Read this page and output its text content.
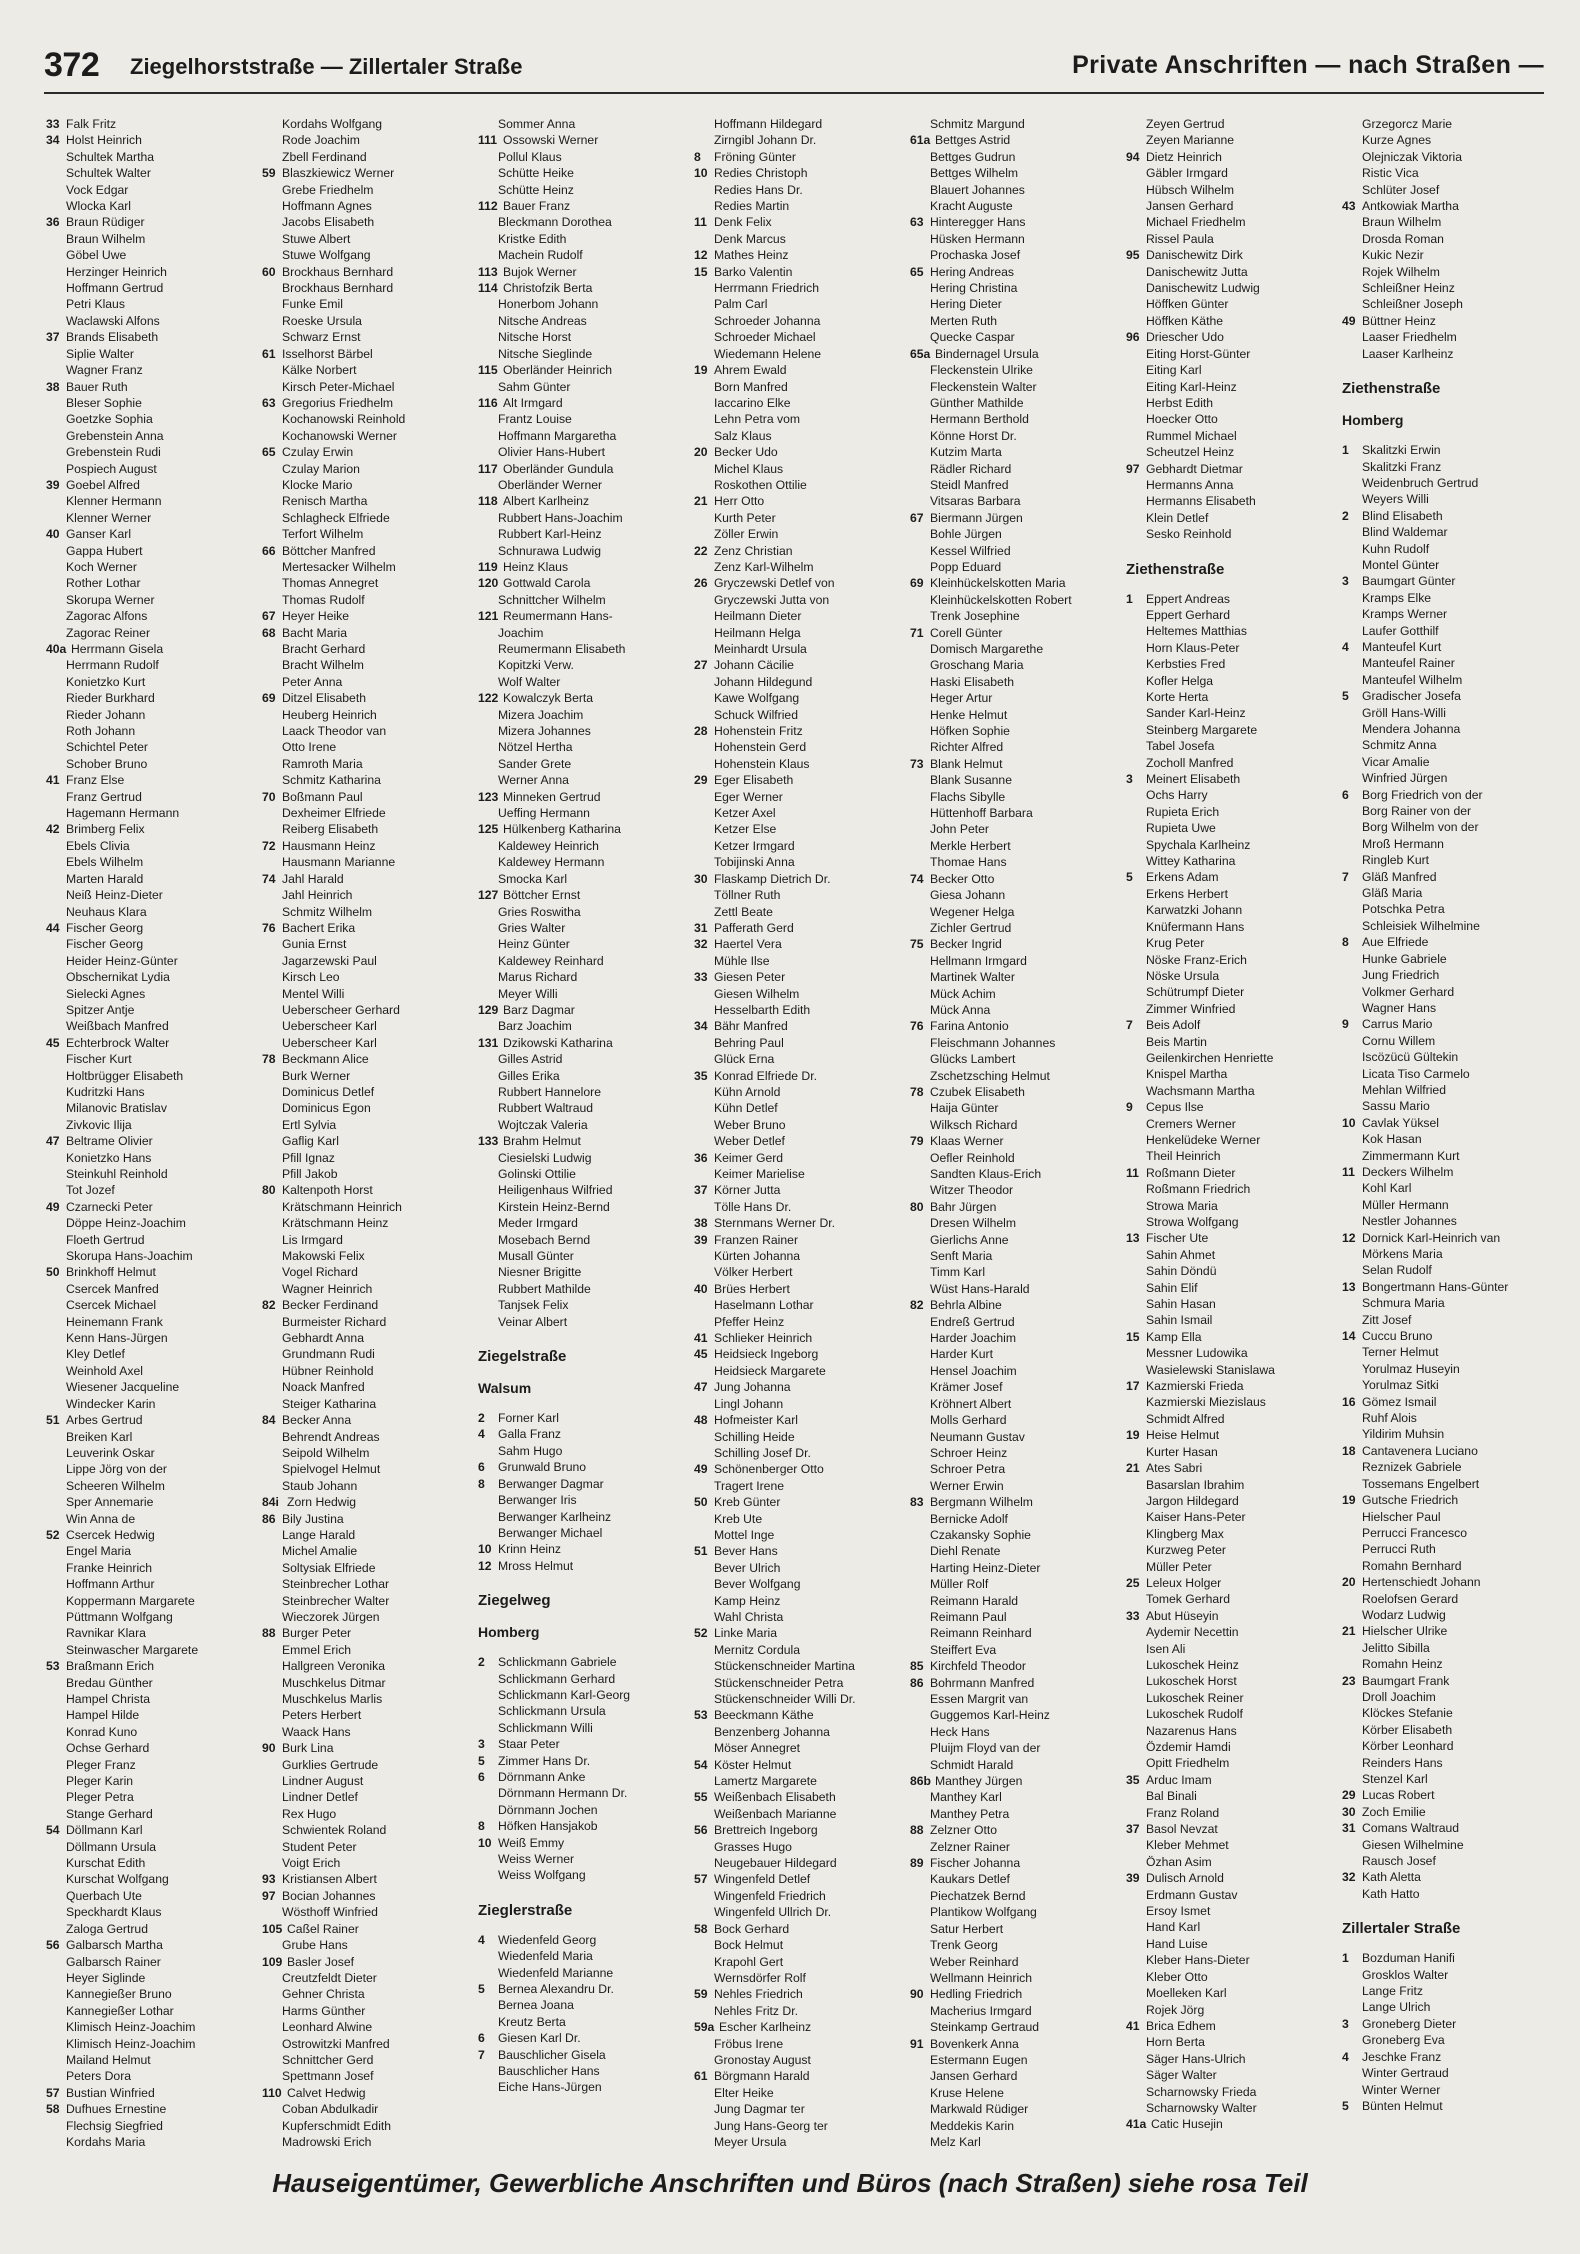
372 Ziegelhorststraße — Zillertaler Straße	Private Anschriften — nach Straßen —
33 Falk Fritz
34 Holst Heinrich
Schultek Martha
Schultek Walter
Vock Edgar
Wlocka Karl
36 Braun Rüdiger
Braun Wilhelm
Göbel Uwe
Herzinger Heinrich
Hoffmann Gertrud
Petri Klaus
Waclawski Alfons
37 Brands Elisabeth
Siplie Walter
Wagner Franz
38 Bauer Ruth
Bleser Sophie
Goetzke Sophia
Grebenstein Anna
Grebenstein Rudi
Pospiech August
39 Goebel Alfred
Klenner Hermann
Klenner Werner
40 Ganser Karl
Gappa Hubert
Koch Werner
Rother Lothar
Skorupa Werner
Zagorac Alfons
Zagorac Reiner
40a Herrmann Gisela
Herrmann Rudolf
Konietzko Kurt
Rieder Burkhard
Rieder Johann
Roth Johann
Schichtel Peter
Schober Bruno
41 Franz Else
Franz Gertrud
Hagemann Hermann
42 Brimberg Felix
Ebels Clivia
Ebels Wilhelm
Marten Harald
Neiß Heinz-Dieter
Neuhaus Klara
44 Fischer Georg
Fischer Georg
Heider Heinz-Günter
Obschernikat Lydia
Sielecki Agnes
Spitzer Antje
Weißbach Manfred
45 Echterbrock Walter
Fischer Kurt
Holtbrügger Elisabeth
Kudritzki Hans
Milanovic Bratislav
Zivkovic Ilija
47 Beltrame Olivier
Konietzko Hans
Steinkuhl Reinhold
Tot Jozef
49 Czarnecki Peter
Döppe Heinz-Joachim
Floeth Gertrud
Skorupa Hans-Joachim
50 Brinkhoff Helmut
Csercek Manfred
Csercek Michael
Heinemann Frank
Kenn Hans-Jürgen
Kley Detlef
Weinhold Axel
Wiesener Jacqueline
Windecker Karin
51 Arbes Gertrud
Breiken Karl
Leuverink Oskar
Lippe Jörg von der
Scheeren Wilhelm
Sper Annemarie
Win Anna de
52 Csercek Hedwig
Engel Maria
Franke Heinrich
Hoffmann Arthur
Koppermann Margarete
Püttmann Wolfgang
Ravnikar Klara
Steinwascher Margarete
53 Braßmann Erich
Bredau Günther
Hampel Christa
Hampel Hilde
Konrad Kuno
Ochse Gerhard
Pleger Franz
Pleger Karin
Pleger Petra
Stange Gerhard
54 Döllmann Karl
Döllmann Ursula
Kurschat Edith
Kurschat Wolfgang
Querbach Ute
Speckhardt Klaus
Zaloga Gertrud
56 Galbarsch Martha
Galbarsch Rainer
Heyer Siglinde
Kannegießer Bruno
Kannegießer Lothar
Klimisch Heinz-Joachim
Klimisch Heinz-Joachim
Mailand Helmut
Peters Dora
57 Bustian Winfried
58 Dufhues Ernestine
Flechsig Siegfried
Kordahs Maria
Kordahs Wolfgang
Rode Joachim
Zbell Ferdinand
59 Blaszkiewicz Werner
Grebe Friedhelm
Hoffmann Agnes
Jacobs Elisabeth
Stuwe Albert
Stuwe Wolfgang
60 Brockhaus Bernhard
Brockhaus Bernhard
Funke Emil
Roeske Ursula
Schwarz Ernst
61 Isselhorst Bärbel
Kälke Norbert
Kirsch Peter-Michael
63 Gregorius Friedhelm
Kochanowski Reinhold
Kochanowski Werner
65 Czulay Erwin
Czulay Marion
Klocke Mario
Renisch Martha
Schlagheck Elfriede
Terfort Wilhelm
66 Böttcher Manfred
Mertesacker Wilhelm
Thomas Annegret
Thomas Rudolf
67 Heyer Heike
68 Bacht Maria
Bracht Gerhard
Bracht Wilhelm
Peter Anna
69 Ditzel Elisabeth
Heuberg Heinrich
Laack Theodor van
Otto Irene
Ramroth Maria
Schmitz Katharina
70 Boßmann Paul
Dexheimer Elfriede
Reiberg Elisabeth
72 Hausmann Heinz
Hausmann Marianne
74 Jahl Harald
Jahl Heinrich
Schmitz Wilhelm
76 Bachert Erika
Gunia Ernst
Jagarzewski Paul
Kirsch Leo
Mentel Willi
Ueberscheer Gerhard
Ueberscheer Karl
Ueberscheer Karl
78 Beckmann Alice
Burk Werner
Dominicus Detlef
Dominicus Egon
Ertl Sylvia
Gaflig Karl
Pfill Ignaz
Pfill Jakob
80 Kaltenpoth Horst
Krätschmann Heinrich
Krätschmann Heinz
Lis Irmgard
Makowski Felix
Vogel Richard
Wagner Heinrich
82 Becker Ferdinand
Burmeister Richard
Gebhardt Anna
Grundmann Rudi
Hübner Reinhold
Noack Manfred
Steiger Katharina
84 Becker Anna
Behrendt Andreas
Seipold Wilhelm
Spielvogel Helmut
Staub Johann
84i Zorn Hedwig
86 Bily Justina
Lange Harald
Michel Amalie
Soltysiak Elfriede
Steinbrecher Lothar
Steinbrecher Walter
Wieczorek Jürgen
88 Burger Peter
Emmel Erich
Hallgreen Veronika
Muschkelus Ditmar
Muschkelus Marlis
Peters Herbert
Waack Hans
90 Burk Lina
Gurklies Gertrude
Lindner August
Lindner Detlef
Rex Hugo
Schwientek Roland
Student Peter
Voigt Erich
93 Kristiansen Albert
97 Bocian Johannes
Wösthoff Winfried
105 Caßel Rainer
Grube Hans
109 Basler Josef
Creutzfeldt Dieter
Gehner Christa
Harms Günther
Leonhard Alwine
Ostrowitzki Manfred
Schnittcher Gerd
Spettmann Josef
110 Calvet Hedwig
Coban Abdulkadir
Kupferschmidt Edith
Madrowski Erich
Sommer Anna
111 Ossowski Werner
Pollul Klaus
Schütte Heike
Schütte Heinz
112 Bauer Franz
Bleckmann Dorothea
Kristke Edith
Machein Rudolf
113 Bujok Werner
114 Christofzik Berta
Honerbom Johann
Nitsche Andreas
Nitsche Horst
Nitsche Sieglinde
115 Oberländer Heinrich
Sahm Günter
116 Alt Irmgard
Frantz Louise
Hoffmann Margaretha
Olivier Hans-Hubert
117 Oberländer Gundula
Oberländer Werner
118 Albert Karlheinz
Rubbert Hans-Joachim
Rubbert Karl-Heinz
Schnurawa Ludwig
119 Heinz Klaus
120 Gottwald Carola
Schnittcher Wilhelm
121 Reumermann Hans-
Joachim
Reumermann Elisabeth
Kopitzki Verw.
Wolf Walter
122 Kowalczyk Berta
Mizera Joachim
Mizera Johannes
Nötzel Hertha
Sander Grete
Werner Anna
123 Minneken Gertrud
Ueffing Hermann
125 Hülkenberg Katharina
Kaldewey Heinrich
Kaldewey Hermann
Smocka Karl
127 Böttcher Ernst
Gries Roswitha
Gries Walter
Heinz Günter
Kaldewey Reinhard
Marus Richard
Meyer Willi
129 Barz Dagmar
Barz Joachim
131 Dzikowski Katharina
Gilles Astrid
Gilles Erika
Rubbert Hannelore
Rubbert Waltraud
Wojtczak Valeria
133 Brahm Helmut
Ciesielski Ludwig
Golinski Ottilie
Heiligenhaus Wilfried
Kirstein Heinz-Bernd
Meder Irmgard
Mosebach Bernd
Musall Günter
Niesner Brigitte
Rubbert Mathilde
Tanjsek Felix
Veinar Albert
Ziegelstraße
Walsum
2	Forner Karl
4	Galla Franz
Sahm Hugo
6	Grunwald Bruno
8	Berwanger Dagmar
Berwanger Iris
Berwanger Karlheinz
Berwanger Michael
10 Krinn Heinz
12 Mross Helmut
Ziegelweg
Homberg
2	Schlickmann Gabriele
Schlickmann Gerhard
Schlickmann Karl-Georg
Schlickmann Ursula
Schlickmann Willi
3	Staar Peter
5	Zimmer Hans Dr.
6	Dörnmann Anke
Dörnmann Hermann Dr.
Dörnmann Jochen
8	Höfken Hansjakob
10 Weiß Emmy
Weiss Werner
Weiss Wolfgang
Zieglerstraße
4	Wiedenfeld Georg
Wiedenfeld Maria
Wiedenfeld Marianne
5	Bernea Alexandru Dr.
Bernea Joana
Kreutz Berta
6	Giesen Karl Dr.
7	Bauschlicher Gisela
Bauschlicher Hans
Eiche Hans-Jürgen
Hoffmann Hildegard
Zirngibl Johann Dr.
8	Fröning Günter
10 Redies Christoph
Redies Hans Dr.
Redies Martin
11 Denk Felix
Denk Marcus
12 Mathes Heinz
15 Barko Valentin
Herrmann Friedrich
Palm Carl
Schroeder Johanna
Schroeder Michael
Wiedemann Helene
19 Ahrem Ewald
Born Manfred
Iaccarino Elke
Lehn Petra vom
Salz Klaus
20 Becker Udo
Michel Klaus
Roskothen Ottilie
21 Herr Otto
Kurth Peter
Zöller Erwin
22 Zenz Christian
Zenz Karl-Wilhelm
26 Gryczewski Detlef von
Gryczewski Jutta von
Heilmann Dieter
Heilmann Helga
Meinhardt Ursula
27 Johann Cäcilie
Johann Hildegund
Kawe Wolfgang
Schuck Wilfried
28 Hohenstein Fritz
Hohenstein Gerd
Hohenstein Klaus
29 Eger Elisabeth
Eger Werner
Ketzer Axel
Ketzer Else
Ketzer Irmgard
Tobijinski Anna
30 Flaskamp Dietrich Dr.
Töllner Ruth
Zettl Beate
31 Pafferath Gerd
32 Haertel Vera
Mühle Ilse
33 Giesen Peter
Giesen Wilhelm
Hesselbarth Edith
34 Bähr Manfred
Behring Paul
Glück Erna
35 Konrad Elfriede Dr.
Kühn Arnold
Kühn Detlef
Weber Bruno
Weber Detlef
36 Keimer Gerd
Keimer Marielise
37 Körner Jutta
Tölle Hans Dr.
38 Sternmans Werner Dr.
39 Franzen Rainer
Kürten Johanna
Völker Herbert
40 Brües Herbert
Haselmann Lothar
Pfeffer Heinz
41 Schlieker Heinrich
45 Heidsieck Ingeborg
Heidsieck Margarete
47 Jung Johanna
Lingl Johann
48 Hofmeister Karl
Schilling Heide
Schilling Josef Dr.
49 Schönenberger Otto
Tragert Irene
50 Kreb Günter
Kreb Ute
Mottel Inge
51 Bever Hans
Bever Ulrich
Bever Wolfgang
Kamp Heinz
Wahl Christa
52 Linke Maria
Mernitz Cordula
Stückenschneider Martina
Stückenschneider Petra
Stückenschneider Willi Dr.
53 Beeckmann Käthe
Benzenberg Johanna
Möser Annegret
54 Köster Helmut
Lamertz Margarete
55 Weißenbach Elisabeth
Weißenbach Marianne
56 Brettreich Ingeborg
Grasses Hugo
Neugebauer Hildegard
57 Wingenfeld Detlef
Wingenfeld Friedrich
Wingenfeld Ullrich Dr.
58 Bock Gerhard
Bock Helmut
Krapohl Gert
Wernsdörfer Rolf
59 Nehles Friedrich
Nehles Fritz Dr.
59a Escher Karlheinz
Fröbus Irene
Gronostay August
61 Börgmann Harald
Elter Heike
Jung Dagmar ter
Jung Hans-Georg ter
Meyer Ursula
Schmitz Margund
61a Bettges Astrid
Bettges Gudrun
Bettges Wilhelm
Blauert Johannes
Kracht Auguste
63 Hinteregger Hans
Hüsken Hermann
Prochaska Josef
65 Hering Andreas
Hering Christina
Hering Dieter
Merten Ruth
Quecke Caspar
65a Bindernagel Ursula
Fleckenstein Ulrike
Fleckenstein Walter
Günther Mathilde
Hermann Berthold
Könne Horst Dr.
Kutzim Marta
Rädler Richard
Steidl Manfred
Vitsaras Barbara
67 Biermann Jürgen
Bohle Jürgen
Kessel Wilfried
Popp Eduard
69 Kleinhückelskotten Maria
Kleinhückelskotten Robert
Trenk Josephine
71 Corell Günter
Domisch Margarethe
Groschang Maria
Haski Elisabeth
Heger Artur
Henke Helmut
Höfken Sophie
Richter Alfred
73 Blank Helmut
Blank Susanne
Flachs Sibylle
Hüttenhoff Barbara
John Peter
Merkle Herbert
Thomae Hans
74 Becker Otto
Giesa Johann
Wegener Helga
Zichler Gertrud
75 Becker Ingrid
Hellmann Irmgard
Martinek Walter
Mück Achim
Mück Anna
76 Farina Antonio
Fleischmann Johannes
Glücks Lambert
Zschetzsching Helmut
78 Czubek Elisabeth
Haija Günter
Wilksch Richard
79 Klaas Werner
Oefler Reinhold
Sandten Klaus-Erich
Witzer Theodor
80 Bahr Jürgen
Dresen Wilhelm
Gierlichs Anne
Senft Maria
Timm Karl
Wüst Hans-Harald
82 Behrla Albine
Endreß Gertrud
Harder Joachim
Harder Kurt
Hensel Joachim
Krämer Josef
Kröhnert Albert
Molls Gerhard
Neumann Gustav
Schroer Heinz
Schroer Petra
Werner Erwin
83 Bergmann Wilhelm
Bernicke Adolf
Czakansky Sophie
Diehl Renate
Harting Heinz-Dieter
Müller Rolf
Reimann Harald
Reimann Paul
Reimann Reinhard
Steiffert Eva
85 Kirchfeld Theodor
86 Bohrmann Manfred
Essen Margrit van
Guggemos Karl-Heinz
Heck Hans
Pluijm Floyd van der
Schmidt Harald
86b Manthey Jürgen
Manthey Karl
Manthey Petra
88 Zelzner Otto
Zelzner Rainer
89 Fischer Johanna
Kaukars Detlef
Piechatzek Bernd
Plantikow Wolfgang
Satur Herbert
Trenk Georg
Weber Reinhard
Wellmann Heinrich
90 Hedling Friedrich
Macherius Irmgard
Steinkamp Gertraud
91 Bovenkerk Anna
Estermann Eugen
Jansen Gerhard
Kruse Helene
Markwald Rüdiger
Meddekis Karin
Melz Karl
Zeyen Gertrud
Zeyen Marianne
94 Dietz Heinrich
Gäbler Irmgard
Hübsch Wilhelm
Jansen Gerhard
Michael Friedhelm
Rissel Paula
95 Danischewitz Dirk
Danischewitz Jutta
Danischewitz Ludwig
Höffken Günter
Höffken Käthe
96 Driescher Udo
Eiting Horst-Günter
Eiting Karl
Eiting Karl-Heinz
Herbst Edith
Hoecker Otto
Rummel Michael
Scheutzel Heinz
97 Gebhardt Dietmar
Hermanns Anna
Hermanns Elisabeth
Klein Detlef
Sesko Reinhold
Ziethenstraße
1	Eppert Andreas
Eppert Gerhard
Heltemes Matthias
Horn Klaus-Peter
Kerbsties Fred
Kofler Helga
Korte Herta
Sander Karl-Heinz
Steinberg Margarete
Tabel Josefa
Zocholl Manfred
3	Meinert Elisabeth
Ochs Harry
Rupieta Erich
Rupieta Uwe
Spychala Karlheinz
Wittey Katharina
5	Erkens Adam
Erkens Herbert
Karwatzki Johann
Knüfermann Hans
Krug Peter
Nöske Franz-Erich
Nöske Ursula
Schütrumpf Dieter
Zimmer Winfried
7	Beis Adolf
Beis Martin
Geilenkirchen Henriette
Knispel Martha
Wachsmann Martha
9	Cepus Ilse
Cremers Werner
Henkelüdeke Werner
Theil Heinrich
11 Roßmann Dieter
Roßmann Friedrich
Strowa Maria
Strowa Wolfgang
13 Fischer Ute
Sahin Ahmet
Sahin Döndü
Sahin Elif
Sahin Hasan
Sahin Ismail
15 Kamp Ella
Messner Ludowika
Wasielewski Stanislawa
17 Kazmierski Frieda
Kazmierski Miezislaus
Schmidt Alfred
19 Heise Helmut
Kurter Hasan
21 Ates Sabri
Basarslan Ibrahim
Jargon Hildegard
Kaiser Hans-Peter
Klingberg Max
Kurzweg Peter
Müller Peter
25 Leleux Holger
Tomek Gerhard
33 Abut Hüseyin
Aydemir Necettin
Isen Ali
Lukoschek Heinz
Lukoschek Horst
Lukoschek Reiner
Lukoschek Rudolf
Nazarenus Hans
Özdemir Hamdi
Opitt Friedhelm
35 Arduc Imam
Bal Binali
Franz Roland
37 Basol Nevzat
Kleber Mehmet
Özhan Asim
39 Dulisch Arnold
Erdmann Gustav
Ersoy Ismet
Hand Karl
Hand Luise
Kleber Hans-Dieter
Kleber Otto
Moelleken Karl
Rojek Jörg
41 Brica Edhem
Horn Berta
Säger Hans-Ulrich
Säger Walter
Scharnowsky Frieda
Scharnowsky Walter
41a Catic Husejin
Grzegorcz Marie
Kurze Agnes
Olejniczak Viktoria
Ristic Vica
Schlüter Josef
43 Antkowiak Martha
Braun Wilhelm
Drosda Roman
Kukic Nezir
Rojek Wilhelm
Schleißner Heinz
Schleißner Joseph
49 Büttner Heinz
Laaser Friedhelm
Laaser Karlheinz
Ziethenstraße
Homberg
1	Skalitzki Erwin
Skalitzki Franz
Weidenbruch Gertrud
Weyers Willi
2	Blind Elisabeth
Blind Waldemar
Kuhn Rudolf
Montel Günter
3	Baumgart Günter
Kramps Elke
Kramps Werner
Laufer Gotthilf
4	Manteufel Kurt
Manteufel Rainer
Manteufel Wilhelm
5	Gradischer Josefa
Gröll Hans-Willi
Mendera Johanna
Schmitz Anna
Vicar Amalie
Winfried Jürgen
6	Borg Friedrich von der
Borg Rainer von der
Borg Wilhelm von der
Mroß Hermann
Ringleb Kurt
7	Gläß Manfred
Gläß Maria
Potschka Petra
Schleisiek Wilhelmine
8	Aue Elfriede
Hunke Gabriele
Jung Friedrich
Volkmer Gerhard
Wagner Hans
9	Carrus Mario
Cornu Willem
Iscözücü Gültekin
Licata Tiso Carmelo
Mehlan Wilfried
Sassu Mario
10 Cavlak Yüksel
Kok Hasan
Zimmermann Kurt
11 Deckers Wilhelm
Kohl Karl
Müller Hermann
Nestler Johannes
12 Dornick Karl-Heinrich van
Mörkens Maria
Selan Rudolf
13 Bongertmann Hans-Günter
Schmura Maria
Zitt Josef
14 Cuccu Bruno
Terner Helmut
Yorulmaz Huseyin
Yorulmaz Sitki
16 Gömez Ismail
Ruhf Alois
Yildirim Muhsin
18 Cantavenera Luciano
Reznizek Gabriele
Tossemans Engelbert
19 Gutsche Friedrich
Hielscher Paul
Perrucci Francesco
Perrucci Ruth
Romahn Bernhard
20 Hertenschiedt Johann
Roelofsen Gerard
Wodarz Ludwig
21 Hielscher Ulrike
Jelitto Sibilla
Romahn Heinz
23 Baumgart Frank
Droll Joachim
Klöckes Stefanie
Körber Elisabeth
Körber Leonhard
Reinders Hans
Stenzel Karl
29 Lucas Robert
30 Zoch Emilie
31 Comans Waltraud
Giesen Wilhelmine
Rausch Josef
32 Kath Aletta
Kath Hatto
Zillertaler Straße
1	Bozduman Hanifi
Grosklos Walter
Lange Fritz
Lange Ulrich
3	Groneberg Dieter
Groneberg Eva
4	Jeschke Franz
Winter Gertraud
Winter Werner
5	Bünten Helmut
Hauseigentümer, Gewerbliche Anschriften und Büros (nach Straßen) siehe rosa Teil
